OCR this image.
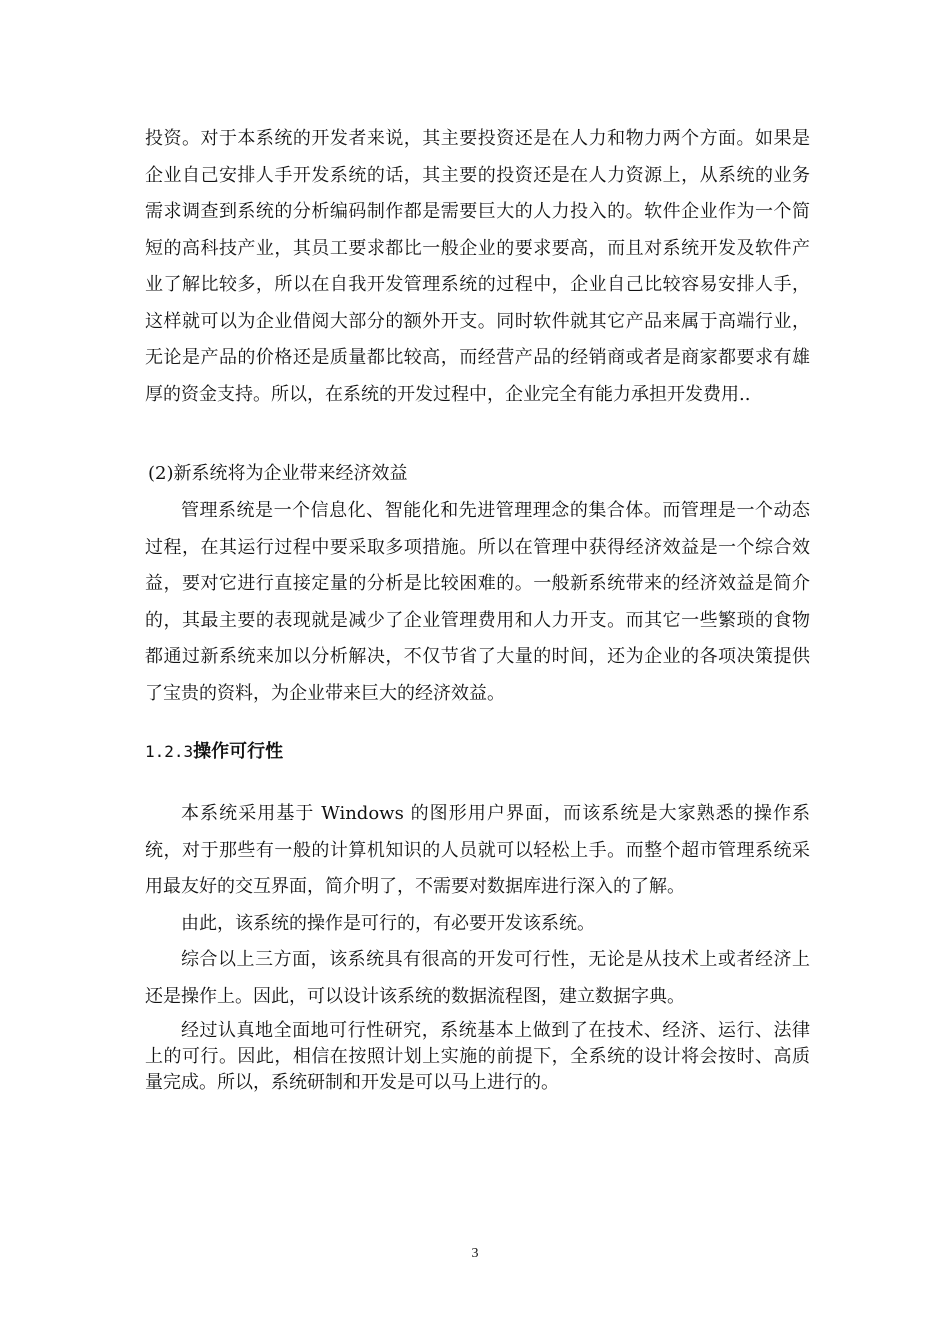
投资。对于本系统的开发者来说，其主要投资还是在人力和物力两个方面。如果是企业自己安排人手开发系统的话，其主要的投资还是在人力资源上，从系统的业务需求调查到系统的分析编码制作都是需要巨大的人力投入的。软件企业作为一个简短的高科技产业，其员工要求都比一般企业的要求要高，而且对系统开发及软件产业了解比较多，所以在自我开发管理系统的过程中，企业自己比较容易安排人手，这样就可以为企业借阅大部分的额外开支。同时软件就其它产品来属于高端行业，无论是产品的价格还是质量都比较高，而经营产品的经销商或者是商家都要求有雄厚的资金支持。所以，在系统的开发过程中，企业完全有能力承担开发费用..

(2)新系统将为企业带来经济效益

管理系统是一个信息化、智能化和先进管理理念的集合体。而管理是一个动态过程，在其运行过程中要采取多项措施。所以在管理中获得经济效益是一个综合效益，要对它进行直接定量的分析是比较困难的。一般新系统带来的经济效益是简介的，其最主要的表现就是减少了企业管理费用和人力开支。而其它一些繁琐的食物都通过新系统来加以分析解决，不仅节省了大量的时间，还为企业的各项决策提供了宝贵的资料，为企业带来巨大的经济效益。

1.2.3操作可行性

本系统采用基于 Windows 的图形用户界面，而该系统是大家熟悉的操作系统，对于那些有一般的计算机知识的人员就可以轻松上手。而整个超市管理系统采用最友好的交互界面，简介明了，不需要对数据库进行深入的了解。

由此，该系统的操作是可行的，有必要开发该系统。

综合以上三方面，该系统具有很高的开发可行性，无论是从技术上或者经济上还是操作上。因此，可以设计该系统的数据流程图，建立数据字典。

经过认真地全面地可行性研究，系统基本上做到了在技术、经济、运行、法律上的可行。因此，相信在按照计划上实施的前提下，全系统的设计将会按时、高质量完成。所以，系统研制和开发是可以马上进行的。

3
